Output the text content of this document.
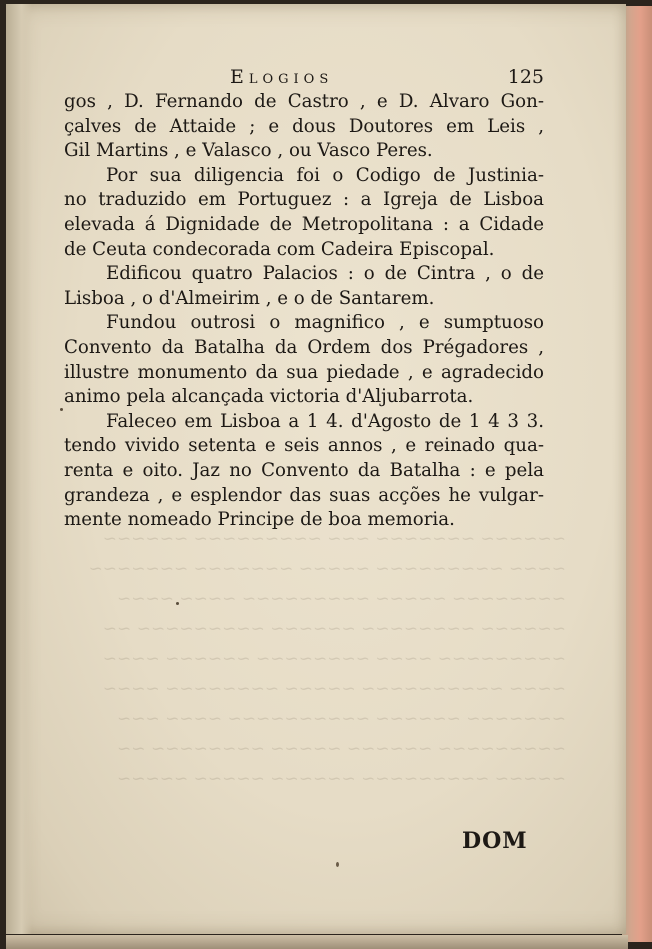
~~~~~~ ~~~~~~~ ~~~ ~~~~~~~~~ ~~~~~~
~~~~ ~~~~~~~~~ ~~~~~ ~~~~~~~ ~~~~~~~
~~~~~~~~ ~~~~~ ~~~~~~~~~ ~~~~ ~~~~
~~~~~~ ~~~~~~~~ ~~~~~~ ~~~~~~~~~ ~~
~~~~~~~~~ ~~~~ ~~~~~~~~ ~~~~~~ ~~~~
~~~~ ~~~~~~~~~~ ~~~~~ ~~~~~~~~ ~~~~
~~~~~~~ ~~~~~~ ~~~~~~~~~~ ~~~~ ~~~
~~~~~~~~~ ~~~~~~ ~~~~~ ~~~~~~~~ ~~
~~~~~ ~~~~~~~~~ ~~~~~~ ~~~~~ ~~~~~
Elogios	125

gos , D. Fernando de Castro , e D. Alvaro Gon-
çalves de Attaide ; e dous Doutores em Leis ,
Gil Martins , e Valasco , ou Vasco Peres.

Por sua diligencia foi o Codigo de Justinia-
no traduzido em Portuguez : a Igreja de Lisboa
elevada á Dignidade de Metropolitana : a Cidade
de Ceuta condecorada com Cadeira Episcopal.

Edificou quatro Palacios : o de Cintra , o de
Lisboa , o d'Almeirim , e o de Santarem.

Fundou outrosi o magnifico , e sumptuoso
Convento da Batalha da Ordem dos Prégadores ,
illustre monumento da sua piedade , e agradecido
animo pela alcançada victoria d'Aljubarrota.

Faleceo em Lisboa a 1 4. d'Agosto de 1 4 3 3.
tendo vivido setenta e seis annos , e reinado qua-
renta e oito. Jaz no Convento da Batalha : e pela
grandeza , e esplendor das suas acções he vulgar-
mente nomeado Principe de boa memoria.

DOM
